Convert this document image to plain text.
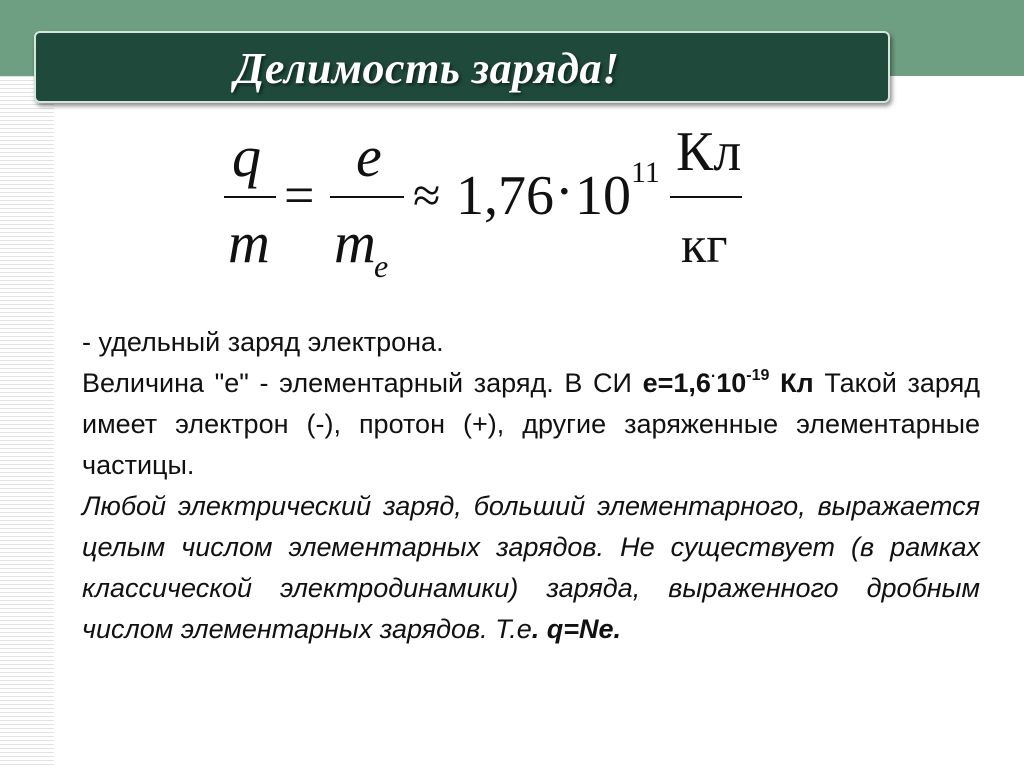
Делимость заряда!
q
m
=
e
m
e
≈ 1,76 · 10 11 Кл
кг

- удельный заряд электрона.

Величина "е" - элементарный заряд. В СИ $е=1,6^\cdot 10^{-19}$ Кл Такой заряд имеет электрон (-), протон (+), другие заряженные элементарные частицы.

Любой электрический заряд, больший элементарного, выражается целым числом элементарных зарядов. Не существует (в рамках классической электродинамики) заряда, выраженного дробным числом элементарных зарядов. Т.е. q=Ne.
